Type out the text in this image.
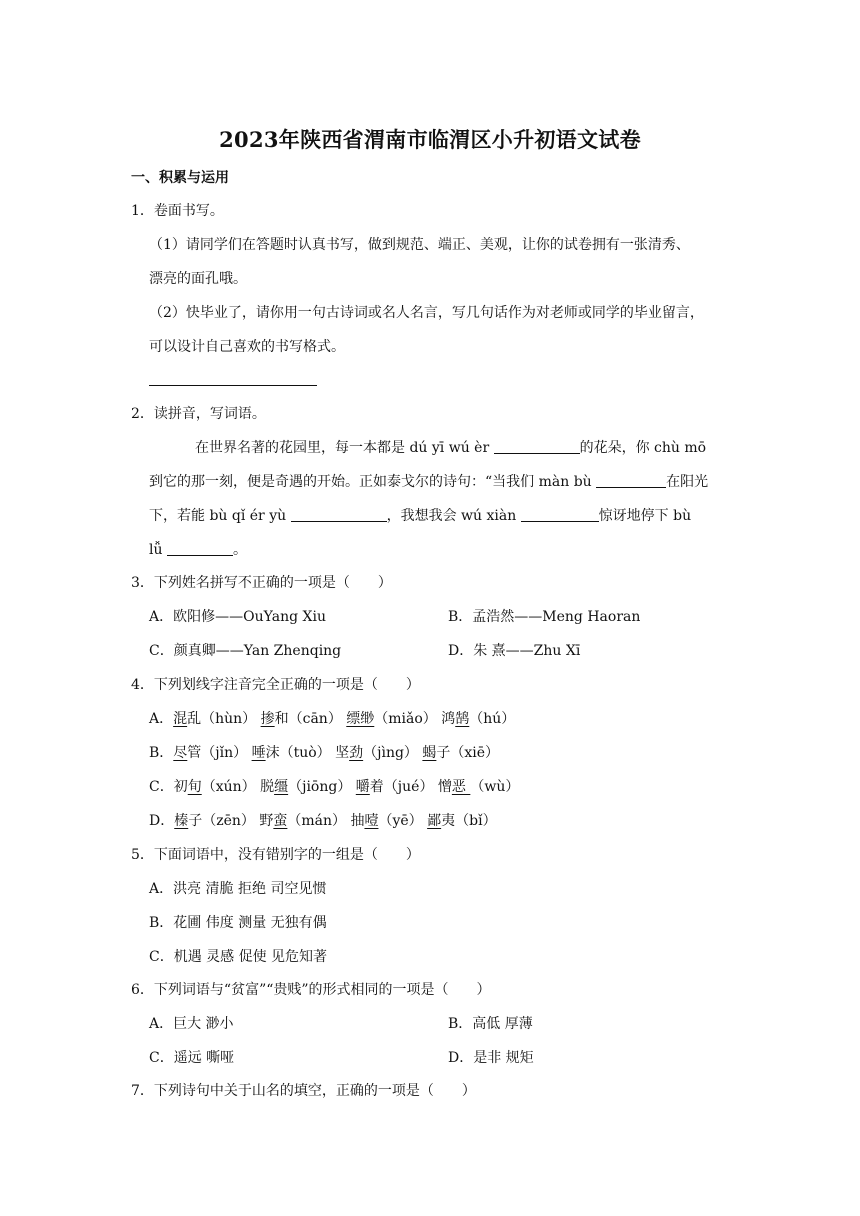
2023年陕西省渭南市临渭区小升初语文试卷
一、积累与运用
1．卷面书写。
（1）请同学们在答题时认真书写，做到规范、端正、美观，让你的试卷拥有一张清秀、
漂亮的面孔哦。
（2）快毕业了，请你用一句古诗词或名人名言，写几句话作为对老师或同学的毕业留言，
可以设计自己喜欢的书写格式。
2．读拼音，写词语。
在世界名著的花园里，每一本都是 dú yī wú èr	的花朵，你 chù mō
到它的那一刻，便是奇遇的开始。正如泰戈尔的诗句：“当我们 màn bù	在阳光
下，若能 bù qǐ ér yù	，我想我会 wú xiàn	惊讶地停下 bù
lǚ	。
3．下列姓名拼写不正确的一项是（　　）
A．欧阳修——OuYang Xiu	B．孟浩然——Meng Haoran
C．颜真卿——Yan Zhenqing	D．朱 熹——Zhu Xī
4．下列划线字注音完全正确的一项是（　　）
A．混乱（hùn） 掺和（cān） 缥缈（miǎo） 鸿鹄（hú）
B．尽管（jǐn） 唾沫（tuò） 坚劲（jìng） 蝎子（xiē）
C．初旬（xún） 脱缰（jiōng） 嚼着（jué） 憎恶 （wù）
D．榛子（zēn） 野蛮（mán） 抽噎（yē） 鄙夷（bǐ）
5．下面词语中，没有错别字的一组是（　　）
A．洪亮 清脆 拒绝 司空见惯
B．花圃 伟度 测量 无独有偶
C．机遇 灵感 促使 见危知著
6．下列词语与“贫富”“贵贱”的形式相同的一项是（　　）
A．巨大 渺小	B．高低 厚薄
C．遥远 嘶哑	D．是非 规矩
7．下列诗句中关于山名的填空，正确的一项是（　　）
